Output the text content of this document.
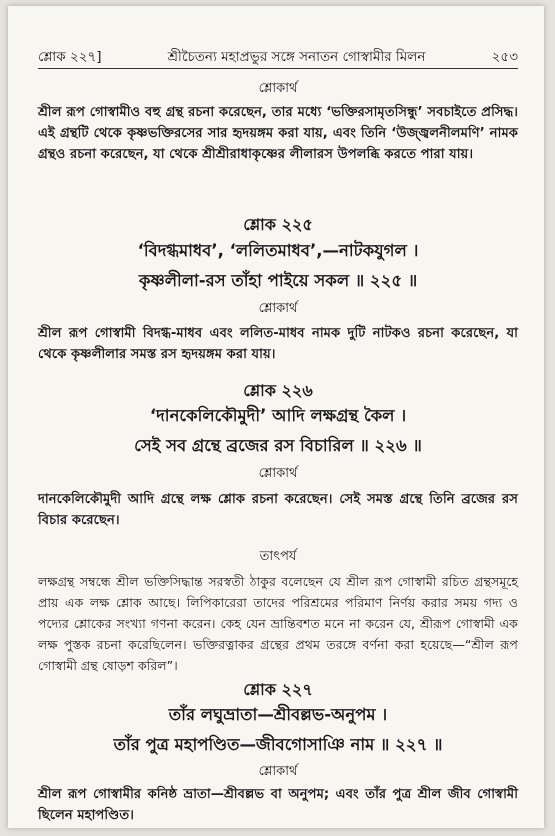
শ্লোক ২২৭]	শ্রীচৈতন্য মহাপ্রভুর সঙ্গে সনাতন গোস্বামীর মিলন	২৫৩
শ্লোকার্থ
শ্রীল রূপ গোস্বামীও বহু গ্রন্থ রচনা করেছেন, তার মধ্যে ‘ভক্তিরসামৃতসিন্ধু’ সবচাইতে প্রসিদ্ধ। এই গ্রন্থটি থেকে কৃষ্ণভক্তিরসের সার হৃদয়ঙ্গম করা যায়, এবং তিনি ‘উজ্জ্বলনীলমণি’ নামক গ্রন্থও রচনা করেছেন, যা থেকে শ্রীশ্রীরাধাকৃষ্ণের লীলারস উপলব্ধি করতে পারা যায়।
শ্লোক ২২৫
‘বিদগ্ধমাধব’, ‘ললিতমাধব’,—নাটকযুগল ।
কৃষ্ণলীলা-রস তাঁহা পাইয়ে সকল ॥ ২২৫ ॥
শ্লোকার্থ
শ্রীল রূপ গোস্বামী বিদগ্ধ-মাধব এবং ললিত-মাধব নামক দুটি নাটকও রচনা করেছেন, যা থেকে কৃষ্ণলীলার সমস্ত রস হৃদয়ঙ্গম করা যায়।
শ্লোক ২২৬
‘দানকেলিকৌমুদী’ আদি লক্ষগ্রন্থ কৈল ।
সেই সব গ্রন্থে ব্রজের রস বিচারিল ॥ ২২৬ ॥
শ্লোকার্থ
দানকেলিকৌমুদী আদি গ্রন্থে লক্ষ শ্লোক রচনা করেছেন। সেই সমস্ত গ্রন্থে তিনি ব্রজের রস বিচার করেছেন।
তাৎপর্য
লক্ষগ্রন্থ সম্বন্ধে শ্রীল ভক্তিসিদ্ধান্ত সরস্বতী ঠাকুর বলেছেন যে শ্রীল রূপ গোস্বামী রচিত গ্রন্থসমূহে প্রায় এক লক্ষ শ্লোক আছে। লিপিকারেরা তাদের পরিশ্রমের পরিমাণ নির্ণয় করার সময় গদ্য ও পদ্যের শ্লোকের সংখ্যা গণনা করেন। কেহ যেন ভ্রান্তিবশত মনে না করেন যে, শ্রীরূপ গোস্বামী এক লক্ষ পুস্তক রচনা করেছিলেন। ভক্তিরত্নাকর গ্রন্থের প্রথম তরঙ্গে বর্ণনা করা হয়েছে—“শ্রীল রূপ গোস্বামী গ্রন্থ ষোড়শ করিল”।
শ্লোক ২২৭
তাঁর লঘুভ্রাতা—শ্রীবল্লভ-অনুপম ।
তাঁর পুত্র মহাপণ্ডিত—জীবগোসাঞি নাম ॥ ২২৭ ॥
শ্লোকার্থ
শ্রীল রূপ গোস্বামীর কনিষ্ঠ ভ্রাতা—শ্রীবল্লভ বা অনুপম; এবং তাঁর পুত্র শ্রীল জীব গোস্বামী ছিলেন মহাপণ্ডিত।
